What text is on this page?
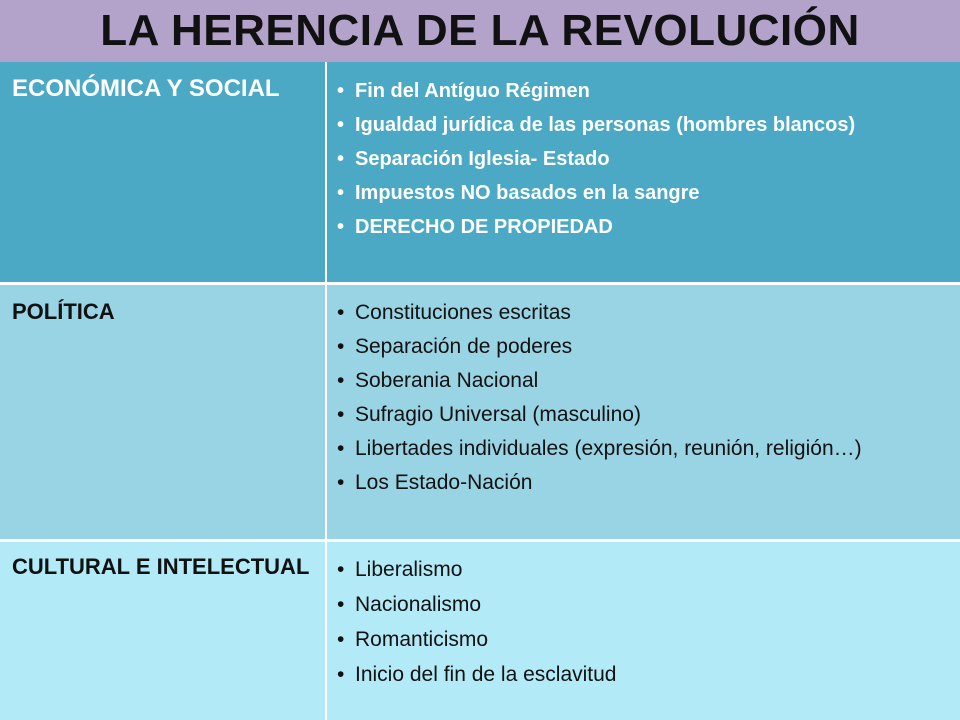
LA HERENCIA DE LA REVOLUCIÓN
ECONÓMICA Y SOCIAL	• Fin del Antíguo Régimen
• Igualdad jurídica de las personas (hombres blancos)
• Separación Iglesia- Estado
• Impuestos NO basados en la sangre
• DERECHO DE PROPIEDAD
POLÍTICA	• Constituciones escritas
• Separación de poderes
• Soberania Nacional
• Sufragio Universal (masculino)
• Libertades individuales (expresión, reunión, religión…)
• Los Estado-Nación
CULTURAL E INTELECTUAL	• Liberalismo
• Nacionalismo
• Romanticismo
• Inicio del fin de la esclavitud
